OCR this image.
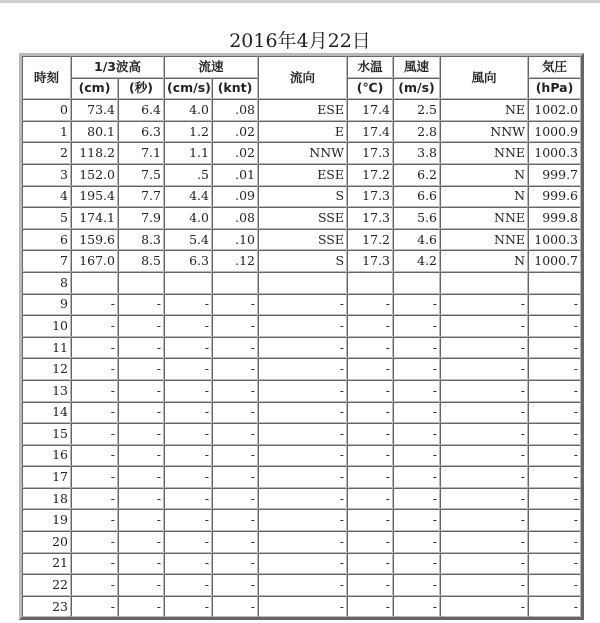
2016年4月22日
時刻	1/3波高		流速		流向	水温	風速	風向	気圧
	(cm)	(秒)	(cm/s)	(knt)		(℃)	(m/s)		(hPa)
0	73.4	6.4	4.0	.08	ESE	17.4	2.5	NE	1002.0
1	80.1	6.3	1.2	.02	E	17.4	2.8	NNW	1000.9
2	118.2	7.1	1.1	.02	NNW	17.3	3.8	NNE	1000.3
3	152.0	7.5	.5	.01	ESE	17.2	6.2	N	999.7
4	195.4	7.7	4.4	.09	S	17.3	6.6	N	999.6
5	174.1	7.9	4.0	.08	SSE	17.3	5.6	NNE	999.8
6	159.6	8.3	5.4	.10	SSE	17.2	4.6	NNE	1000.3
7	167.0	8.5	6.3	.12	S	17.3	4.2	N	1000.7
8									
9	-	-	-	-	-	-	-	-	-
10	-	-	-	-	-	-	-	-	-
11	-	-	-	-	-	-	-	-	-
12	-	-	-	-	-	-	-	-	-
13	-	-	-	-	-	-	-	-	-
14	-	-	-	-	-	-	-	-	-
15	-	-	-	-	-	-	-	-	-
16	-	-	-	-	-	-	-	-	-
17	-	-	-	-	-	-	-	-	-
18	-	-	-	-	-	-	-	-	-
19	-	-	-	-	-	-	-	-	-
20	-	-	-	-	-	-	-	-	-
21	-	-	-	-	-	-	-	-	-
22	-	-	-	-	-	-	-	-	-
23	-	-	-	-	-	-	-	-	-
